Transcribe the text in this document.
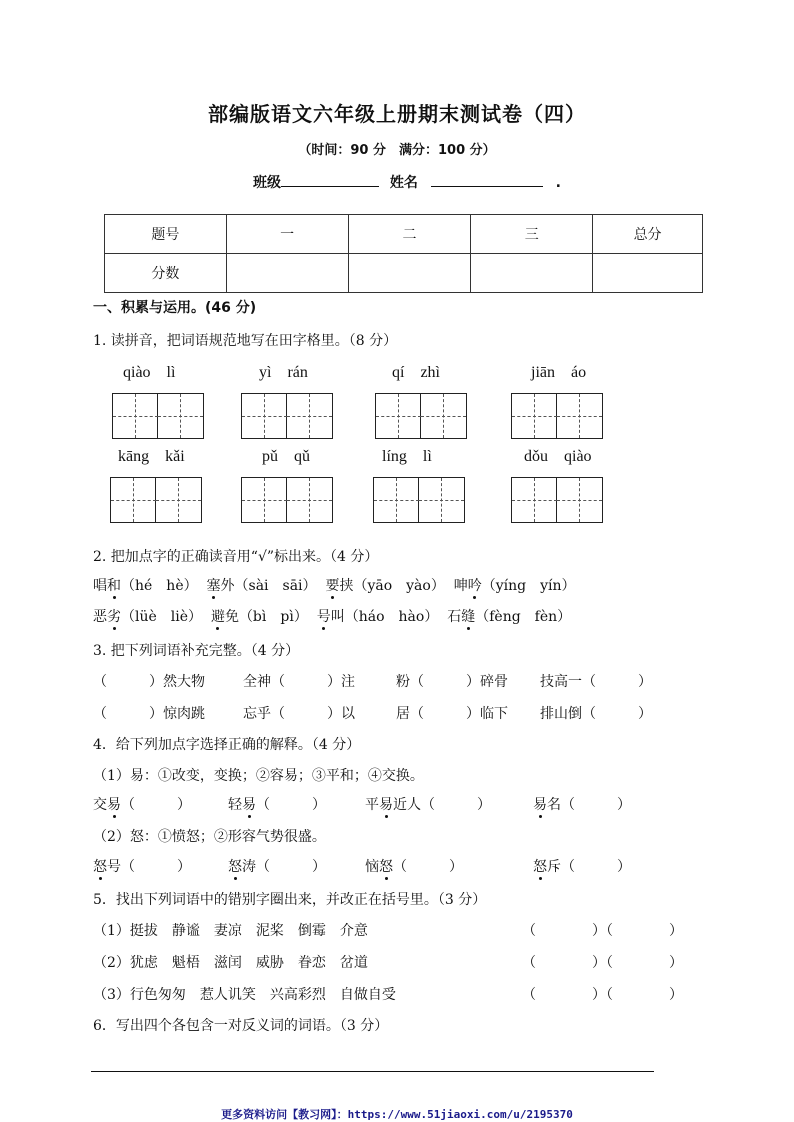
部编版语文六年级上册期末测试卷（四）
（时间：90 分　满分：100 分）
班级	姓名	.
题号	一	二	三	总分
分数				
一、积累与运用。(46 分)
1. 读拼音，把词语规范地写在田字格里。（8 分）
qiào lì	yì rán	qí zhì	jiān áo
kāng kǎi	pǔ qǔ	líng lì	dǒu qiào
2. 把加点字的正确读音用“√”标出来。（4 分）
唱和（hé　hè） 塞外（sài　sāi） 要挟（yāo　yào） 呻吟（yíng　yín）
恶劣（lüè　liè） 避免（bì　pì） 号叫（háo　hào） 石缝（fèng　fèn）
3. 把下列词语补充完整。（4 分）
（　　　）然大物	全神（　　　）注	粉（　　　）碎骨 技高一（　　　）
（　　　）惊肉跳	忘乎（　　　）以	居（　　　）临下 排山倒（　　　）
4．给下列加点字选择正确的解释。（4 分）
（1）易：①改变，变换；②容易；③平和；④交换。
交易（　　　）	轻易（　　　）	平易近人（　　　）	易名（　　　）
（2）怒：①愤怒；②形容气势很盛。
怒号（　　　）	怒涛（　　　）	恼怒（　　　）	怒斥（　　　）
5．找出下列词语中的错别字圈出来，并改正在括号里。（3 分）
（1）挺拔　静谧　妻凉　泥桨　倒霉　介意	（　　　　）（　　　　）
（2）犹虑　魁梧　滋闰　威胁　眷恋　岔道	（　　　　）（　　　　）
（3）行色匆匆　惹人讥笑　兴高彩烈　自做自受	（　　　　）（　　　　）
6．写出四个各包含一对反义词的词语。（3 分）
更多资料访问【教习网】：https://www.51jiaoxi.com/u/2195370
